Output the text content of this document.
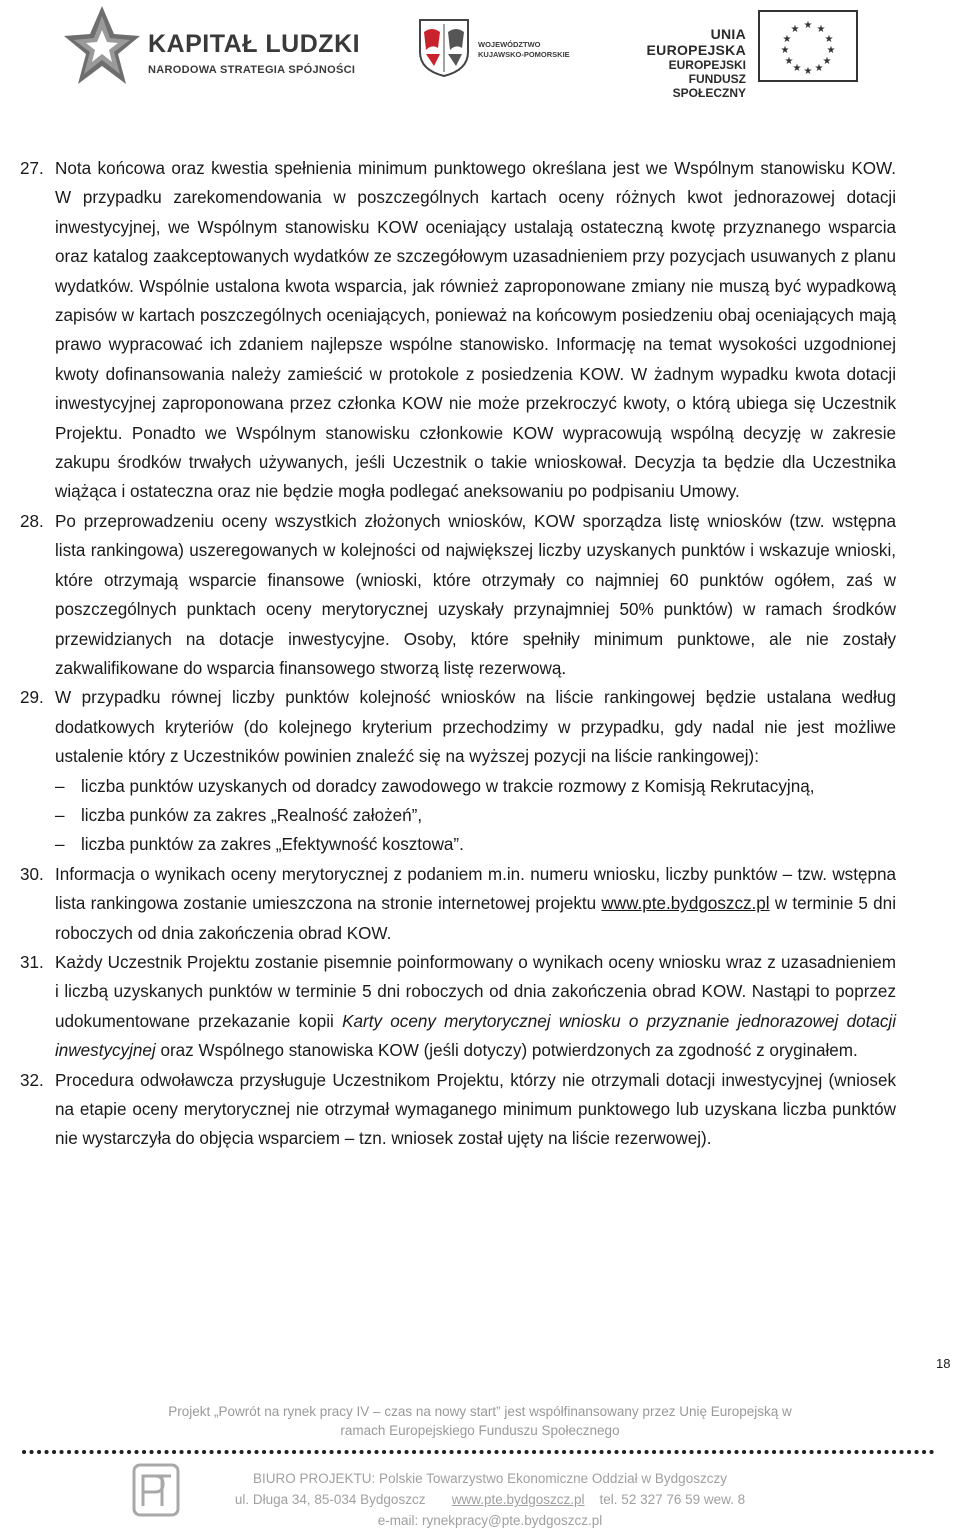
KAPITAŁ LUDZKI
NARODOWA STRATEGIA SPÓJNOŚCI
WOJEWÓDZTWO
KUJAWSKO-POMORSKIE
UNIA EUROPEJSKA
EUROPEJSKI
FUNDUSZ SPOŁECZNY
★ ★
★
★
★
★
★
★
★
★
★
★
27. Nota końcowa oraz kwestia spełnienia minimum punktowego określana jest we Wspólnym stanowisku KOW. W przypadku zarekomendowania w poszczególnych kartach oceny różnych kwot jednorazowej dotacji inwestycyjnej, we Wspólnym stanowisku KOW oceniający ustalają ostateczną kwotę przyznanego wsparcia oraz katalog zaakceptowanych wydatków ze szczegółowym uzasadnieniem przy pozycjach usuwanych z planu wydatków. Wspólnie ustalona kwota wsparcia, jak również zaproponowane zmiany nie muszą być wypadkową zapisów w kartach poszczególnych oceniających, ponieważ na końcowym posiedzeniu obaj oceniających mają prawo wypracować ich zdaniem najlepsze wspólne stanowisko. Informację na temat wysokości uzgodnionej kwoty dofinansowania należy zamieścić w protokole z posiedzenia KOW. W żadnym wypadku kwota dotacji inwestycyjnej zaproponowana przez członka KOW nie może przekroczyć kwoty, o którą ubiega się Uczestnik Projektu. Ponadto we Wspólnym stanowisku członkowie KOW wypracowują wspólną decyzję w zakresie zakupu środków trwałych używanych, jeśli Uczestnik o takie wnioskował. Decyzja ta będzie dla Uczestnika wiążąca i ostateczna oraz nie będzie mogła podlegać aneksowaniu po podpisaniu Umowy.

28. Po przeprowadzeniu oceny wszystkich złożonych wniosków, KOW sporządza listę wniosków (tzw. wstępna lista rankingowa) uszeregowanych w kolejności od największej liczby uzyskanych punktów i wskazuje wnioski, które otrzymają wsparcie finansowe (wnioski, które otrzymały co najmniej 60 punktów ogółem, zaś w poszczególnych punktach oceny merytorycznej uzyskały przynajmniej 50% punktów) w ramach środków przewidzianych na dotacje inwestycyjne. Osoby, które spełniły minimum punktowe, ale nie zostały zakwalifikowane do wsparcia finansowego stworzą listę rezerwową.

29. W przypadku równej liczby punktów kolejność wniosków na liście rankingowej będzie ustalana według dodatkowych kryteriów (do kolejnego kryterium przechodzimy w przypadku, gdy nadal nie jest możliwe ustalenie który z Uczestników powinien znaleźć się na wyższej pozycji na liście rankingowej):

– liczba punktów uzyskanych od doradcy zawodowego w trakcie rozmowy z Komisją Rekrutacyjną,
– liczba punków za zakres „Realność założeń”,
– liczba punktów za zakres „Efektywność kosztowa”.
30. Informacja o wynikach oceny merytorycznej z podaniem m.in. numeru wniosku, liczby punktów – tzw. wstępna lista rankingowa zostanie umieszczona na stronie internetowej projektu www.pte.bydgoszcz.pl w terminie 5 dni roboczych od dnia zakończenia obrad KOW.

31. Każdy Uczestnik Projektu zostanie pisemnie poinformowany o wynikach oceny wniosku wraz z uzasadnieniem i liczbą uzyskanych punktów w terminie 5 dni roboczych od dnia zakończenia obrad KOW. Nastąpi to poprzez udokumentowane przekazanie kopii Karty oceny merytorycznej wniosku o przyznanie jednorazowej dotacji inwestycyjnej oraz Wspólnego stanowiska KOW (jeśli dotyczy) potwierdzonych za zgodność z oryginałem.

32. Procedura odwoławcza przysługuje Uczestnikom Projektu, którzy nie otrzymali dotacji inwestycyjnej (wniosek na etapie oceny merytorycznej nie otrzymał wymaganego minimum punktowego lub uzyskana liczba punktów nie wystarczyła do objęcia wsparciem – tzn. wniosek został ujęty na liście rezerwowej).

18
Projekt „Powrót na rynek pracy IV – czas na nowy start” jest współfinansowany przez Unię Europejską w
ramach Europejskiego Funduszu Społecznego
BIURO PROJEKTU: Polskie Towarzystwo Ekonomiczne Oddział w Bydgoszczy
ul. Długa 34, 85-034 Bydgoszcz www.pte.bydgoszcz.pl tel. 52 327 76 59 wew. 8
e-mail: rynekpracy@pte.bydgoszcz.pl
